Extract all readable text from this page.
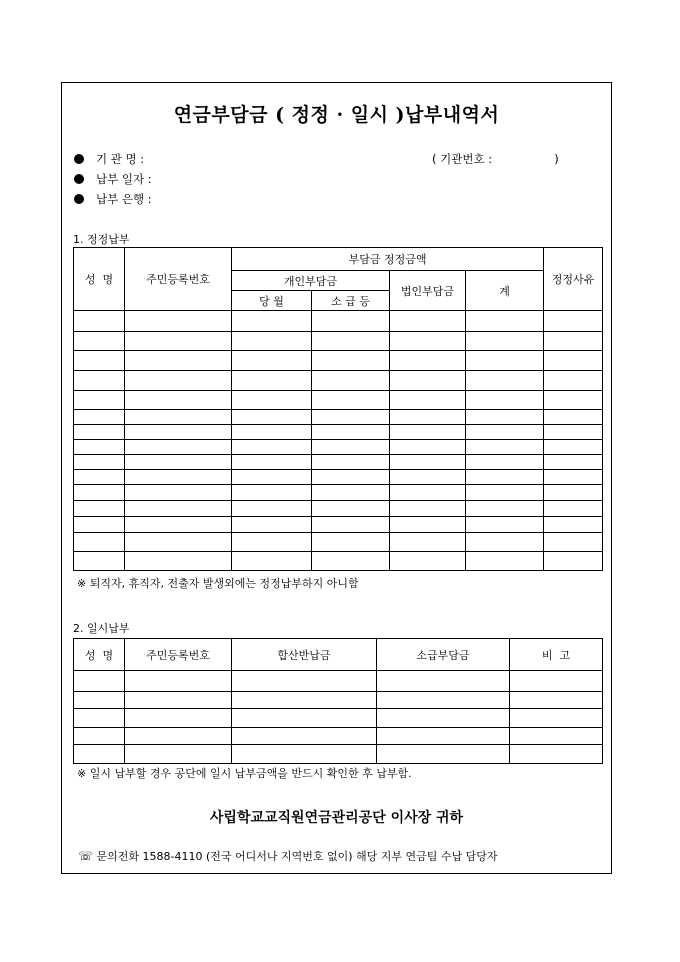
연금부담금 ( 정정 · 일시 )납부내역서
기 관 명 :
납부 일자 :
납부 은행 :
( 기관번호 :                 )
1. 정정납부
성  명	주민등록번호	부담금 정정금액				정정사유
		개인부담금		법인부담금	계	
		당 월	소 급 등			

※ 퇴직자, 휴직자, 전출자 발생외에는 정정납부하지 아니함
2. 일시납부
성  명	주민등록번호	합산반납금	소급부담금	비  고

※ 일시 납부할 경우 공단에 일시 납부금액을 반드시 확인한 후 납부함.
사립학교교직원연금관리공단 이사장 귀하
☏ 문의전화 1588-4110 (전국 어디서나 지역번호 없이) 해당 지부 연금팀 수납 담당자
